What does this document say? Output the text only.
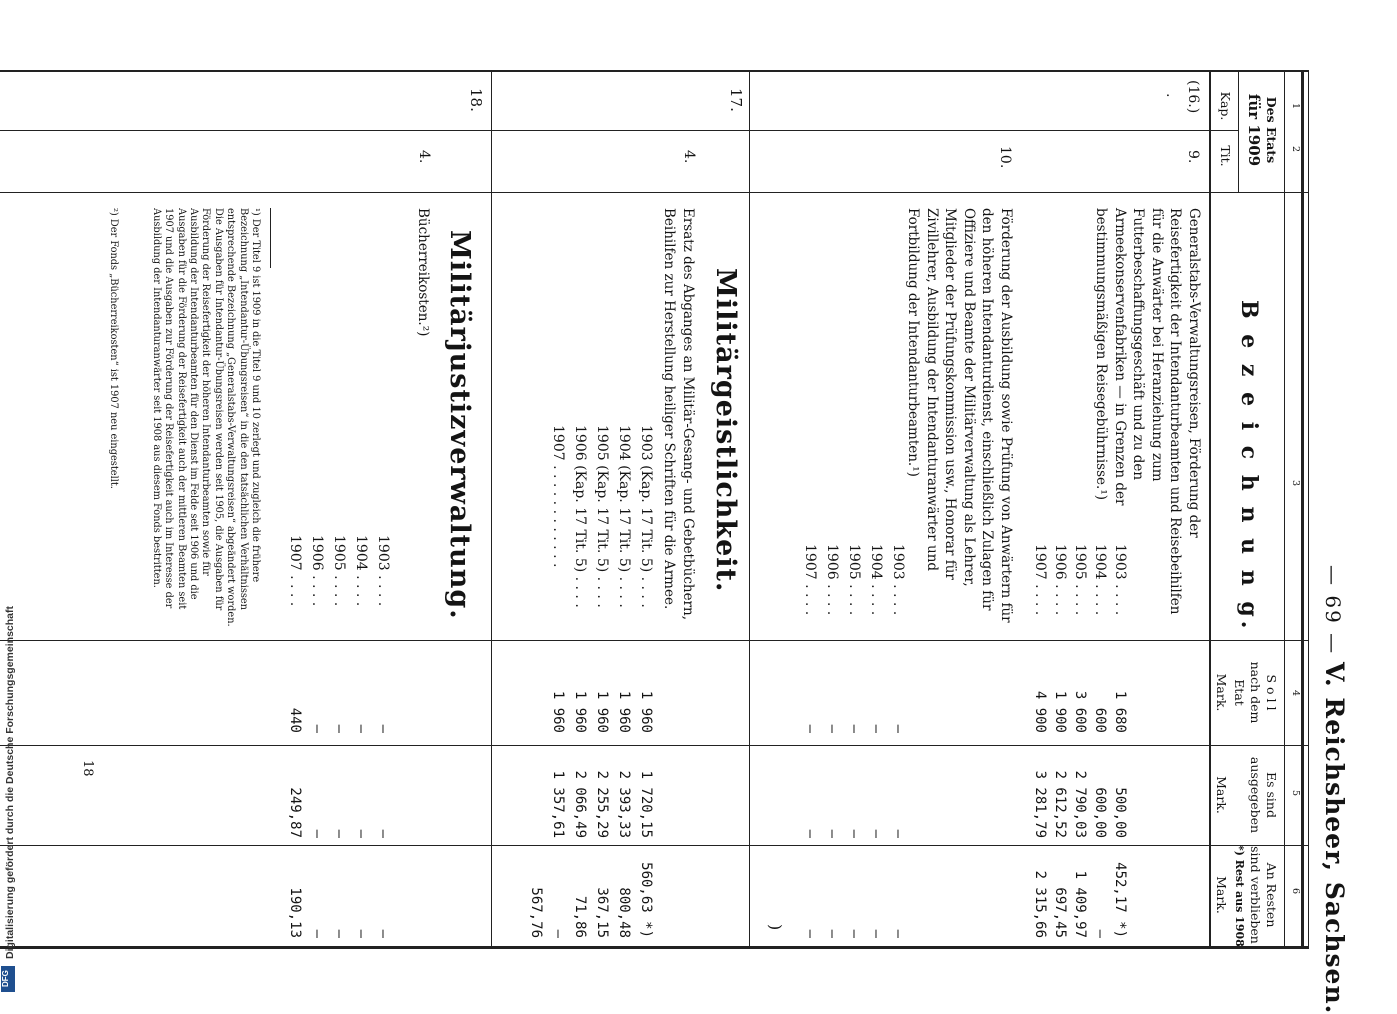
— 69 —
V. Reichsheer, Sachsen.
1
2
3
4
5
6
Des Etats
für 1909
Kap.
Tit.
B e z e i c h n u n g.
S o l l
nach dem
Etat
Mark.
Es sind
ausgegeben
Mark.
An Resten
sind verblieben
*) Rest aus 1908
Mark.
(16.)
.
17.
18.
9.
Generalstabs-Verwaltungsreisen, Förderung der Reisefertigkeit der Intendanturbeamten und Reisebeihilfen für die Anwärter bei Heranziehung zum Futterbeschaffungsgeschäft und zu den Armeekonservenfabriken — in Grenzen der bestimmungsmäßigen Reisegebührnisse.¹)
1903 . . . .
1 680
500,00
452,17 *)
1904 . . . .
600
600,00
—
1905 . . . .
3 600
2 790,03
1 409,97
1906 . . . .
1 900
2 612,52
697,45
1907 . . . .
4 900
3 281,79
2 315,66
10.
Förderung der Ausbildung sowie Prüfung von Anwärtern für den höheren Intendanturdienst, einschließlich Zulagen für Offiziere und Beamte der Militärverwaltung als Lehrer, Mitglieder der Prüfungskommission usw., Honorar für Zivillehrer, Ausbildung der Intendanturanwärter und Fortbildung der Intendanturbeamten.¹)
1903 . . . .
—
—
—
1904 . . . .
—
—
—
1905 . . . .
—
—
—
1906 . . . .
—
—
—
1907 . . . .
—
—
—
)
Militärgeistlichkeit.
4.
Ersatz des Abganges an Militär-Gesang- und Gebetbüchern, Beihilfen zur Herstellung heiliger Schriften für die Armee.
1903 (Kap. 17 Tit. 5) . . . .
1 960
1 720,15
560,63 *)
1904 (Kap. 17 Tit. 5) . . . .
1 960
2 393,33
800,48
1905 (Kap. 17 Tit. 5) . . . .
1 960
2 255,29
367,15
1906 (Kap. 17 Tit. 5) . . . .
1 960
2 066,49
71,86
1907 . . . . . . . . . . . .
1 960
1 357,61
—
567,76
Militärjustizverwaltung.
4.
Bücherreikosten.²)
1903 . . . .
—
—
—
1904 . . . .
—
—
—
1905 . . . .
—
—
—
1906 . . . .
—
—
—
1907 . . . .
440
249,87
190,13
¹) Der Titel 9 ist 1909 in die Titel 9 und 10 zerlegt und zugleich die frühere Bezeichnung „Intendantur-Übungsreisen“ in die den tatsächlichen Verhältnissen entsprechende Bezeichnung „Generalstabs-Verwaltungsreisen“ abgeändert worden. Die Ausgaben für Intendantur-Übungsreisen werden seit 1905, die Ausgaben für Förderung der Reisefertigkeit der höheren Intendanturbeamten sowie für Ausbildung der Intendanturbeamten für den Dienst im Felde seit 1906 und die Ausgaben für die Förderung der Reisefertigkeit auch der mittleren Beamten seit 1907 und die Ausgaben zur Förderung der Reisefertigkeit auch im Interesse der Ausbildung der Intendanturanwärter seit 1908 aus diesem Fonds bestritten.
²) Der Fonds „Bücherreikosten“ ist 1907 neu eingestellt.
18
Digitalisierung gefördert durch die Deutsche Forschungsgemeinschaft
DFG
